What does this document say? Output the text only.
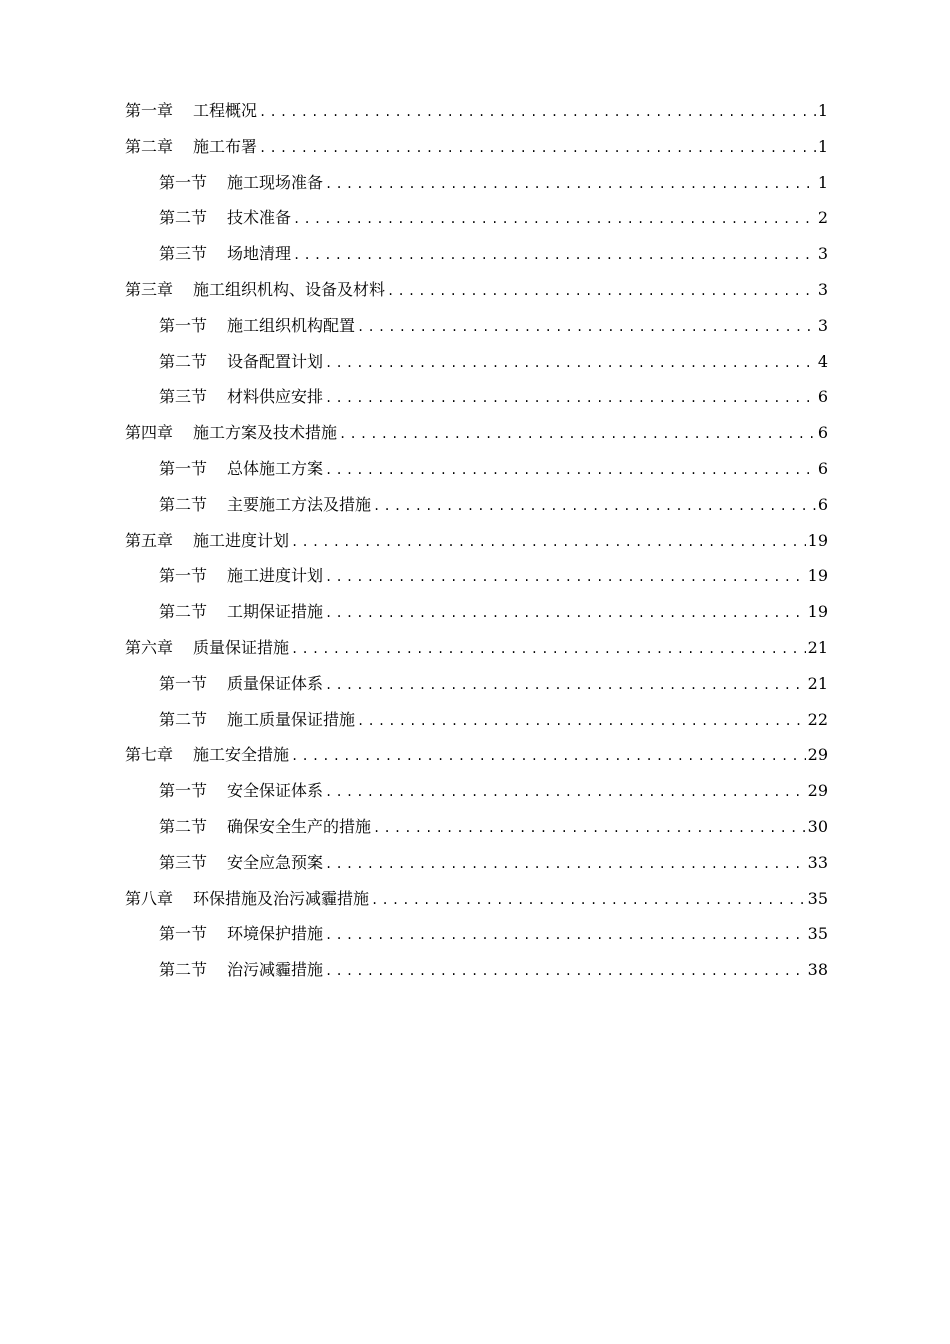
第一章 工程概况 .....	1
第二章 施工布署 .....	1
第一节 施工现场准备 .....	1
第二节 技术准备 .....	2
第三节 场地清理 .....	3
第三章 施工组织机构、设备及材料 .....	3
第一节 施工组织机构配置 .....	3
第二节 设备配置计划 .....	4
第三节 材料供应安排 .....	6
第四章 施工方案及技术措施 .....	6
第一节 总体施工方案 .....	6
第二节 主要施工方法及措施 .....	6
第五章 施工进度计划 .....	19
第一节 施工进度计划 .....	19
第二节 工期保证措施 .....	19
第六章 质量保证措施 .....	21
第一节 质量保证体系 .....	21
第二节 施工质量保证措施 .....	22
第七章 施工安全措施 .....	29
第一节 安全保证体系 .....	29
第二节 确保安全生产的措施 .....	30
第三节 安全应急预案 .....	33
第八章 环保措施及治污减霾措施 .....	35
第一节 环境保护措施 .....	35
第二节 治污减霾措施 .....	38
